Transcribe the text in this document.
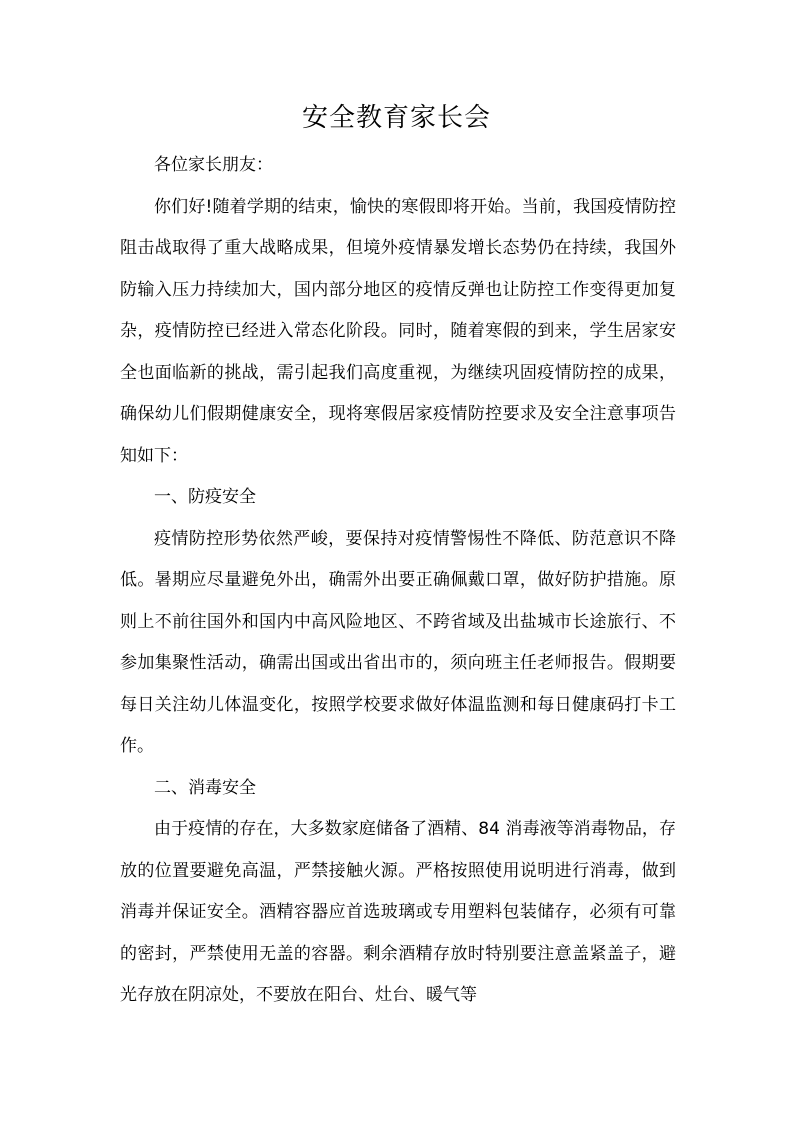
安全教育家长会

各位家长朋友：

你们好!随着学期的结束，愉快的寒假即将开始。当前，我国疫情防控阻击战取得了重大战略成果，但境外疫情暴发增长态势仍在持续，我国外防输入压力持续加大，国内部分地区的疫情反弹也让防控工作变得更加复杂，疫情防控已经进入常态化阶段。同时，随着寒假的到来，学生居家安全也面临新的挑战，需引起我们高度重视，为继续巩固疫情防控的成果，确保幼儿们假期健康安全，现将寒假居家疫情防控要求及安全注意事项告知如下：

一、防疫安全

疫情防控形势依然严峻，要保持对疫情警惕性不降低、防范意识不降低。暑期应尽量避免外出，确需外出要正确佩戴口罩，做好防护措施。原则上不前往国外和国内中高风险地区、不跨省域及出盐城市长途旅行、不参加集聚性活动，确需出国或出省出市的，须向班主任老师报告。假期要每日关注幼儿体温变化，按照学校要求做好体温监测和每日健康码打卡工作。

二、消毒安全

由于疫情的存在，大多数家庭储备了酒精、84 消毒液等消毒物品，存放的位置要避免高温，严禁接触火源。严格按照使用说明进行消毒，做到消毒并保证安全。酒精容器应首选玻璃或专用塑料包装储存，必须有可靠的密封，严禁使用无盖的容器。剩余酒精存放时特别要注意盖紧盖子，避光存放在阴凉处，不要放在阳台、灶台、暖气等
